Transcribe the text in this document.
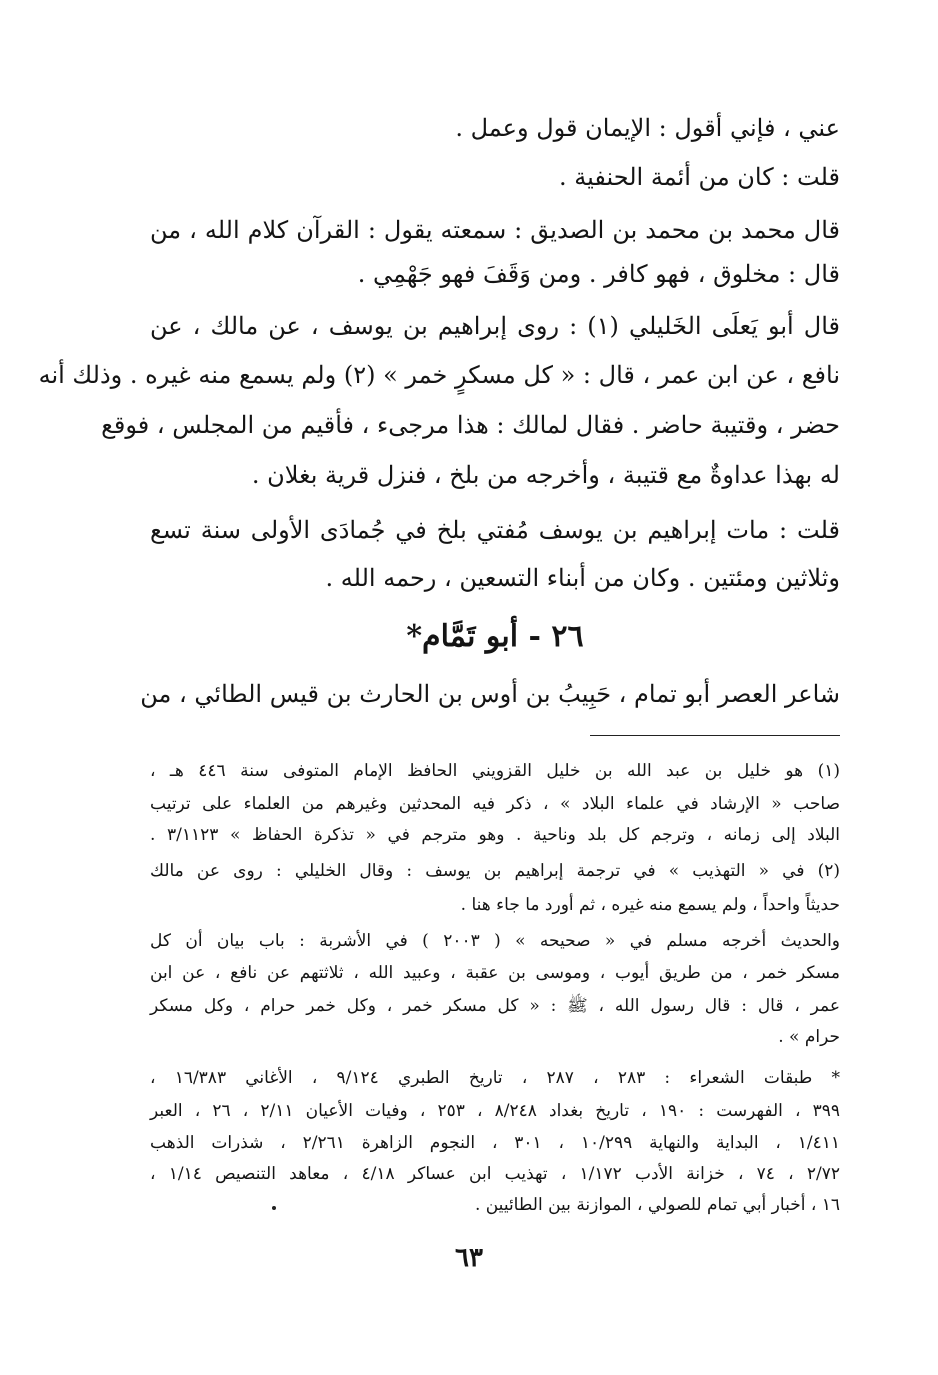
عني ، فإني أقول : الإيمان قول وعمل .
قلت : كان من أئمة الحنفية .
قال محمد بن محمد بن الصديق : سمعته يقول : القرآن كلام الله ، من
قال : مخلوق ، فهو كافر . ومن وَقَفَ فهو جَهْمِي .
قال أبو يَعلَى الخَليلي (١) : روى إبراهيم بن يوسف ، عن مالك ، عن
نافع ، عن ابن عمر ، قال : « كل مسكرٍ خمر » (٢) ولم يسمع منه غيره . وذلك أنه
حضر ، وقتيبة حاضر . فقال لمالك : هذا مرجىء ، فأقيم من المجلس ، فوقع
له بهذا عداوةٌ مع قتيبة ، وأخرجه من بلخ ، فنزل قرية بغلان .
قلت : مات إبراهيم بن يوسف مُفتي بلخ في جُمادَى الأولى سنة تسع
وثلاثين ومئتين . وكان من أبناء التسعين ، رحمه الله .
٢٦ - أبو تَمَّام*
شاعر العصر أبو تمام ، حَبِيبُ بن أوس بن الحارث بن قيس الطائي ، من
(١) هو خليل بن عبد الله بن خليل القزويني الحافظ الإمام المتوفى سنة ٤٤٦ هـ ،
صاحب « الإرشاد في علماء البلاد » ، ذكر فيه المحدثين وغيرهم من العلماء على ترتيب
البلاد إلى زمانه ، وترجم كل بلد وناحية . وهو مترجم في « تذكرة الحفاظ » ٣/١١٢٣ .
(٢) في « التهذيب » في ترجمة إبراهيم بن يوسف : وقال الخليلي : روى عن مالك
حديثاً واحداً ، ولم يسمع منه غيره ، ثم أورد ما جاء هنا .
والحديث أخرجه مسلم في « صحيحه » ( ٢٠٠٣ ) في الأشربة : باب بيان أن كل
مسكر خمر ، من طريق أيوب ، وموسى بن عقبة ، وعبيد الله ، ثلاثتهم عن نافع ، عن ابن
عمر ، قال : قال رسول الله ، ﷺ : « كل مسكر خمر ، وكل خمر حرام ، وكل مسكر
حرام » .
* طبقات الشعراء : ٢٨٣ ، ٢٨٧ ، تاريخ الطبري ٩/١٢٤ ، الأغاني ١٦/٣٨٣ ،
٣٩٩ ، الفهرست : ١٩٠ ، تاريخ بغداد ٨/٢٤٨ ، ٢٥٣ ، وفيات الأعيان ٢/١١ ، ٢٦ ، العبر
١/٤١١ ، البداية والنهاية ١٠/٢٩٩ ، ٣٠١ ، النجوم الزاهرة ٢/٢٦١ ، شذرات الذهب
٢/٧٢ ، ٧٤ ، خزانة الأدب ١/١٧٢ ، تهذيب ابن عساكر ٤/١٨ ، معاهد التنصيص ١/١٤ ،
١٦ ، أخبار أبي تمام للصولي ، الموازنة بين الطائيين .
٦٣
